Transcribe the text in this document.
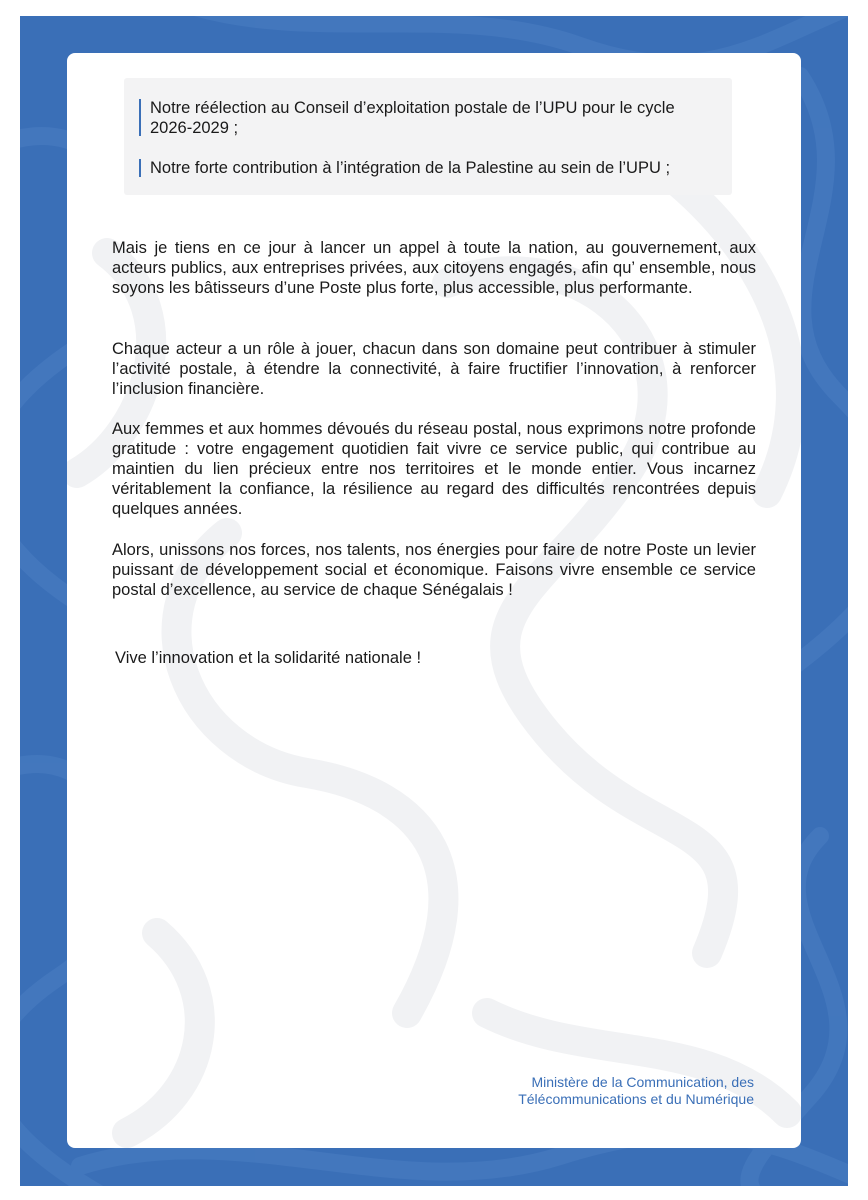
Notre réélection au Conseil d’exploitation postale de l’UPU pour le cycle 2026-2029 ;
Notre forte contribution à l’intégration de la Palestine au sein de l’UPU ;

Mais je tiens en ce jour à lancer un appel à toute la nation, au gouvernement, aux acteurs publics, aux entreprises privées, aux citoyens engagés, afin qu’ ensemble, nous soyons les bâtisseurs d’une Poste plus forte, plus accessible, plus performante.

Chaque acteur a un rôle à jouer, chacun dans son domaine peut contribuer à stimuler l’activité postale, à étendre la connectivité, à faire fructifier l’innovation, à renforcer l’inclusion financière.

Aux femmes et aux hommes dévoués du réseau postal, nous exprimons notre profonde gratitude : votre engagement quotidien fait vivre ce service public, qui contribue au maintien du lien précieux entre nos territoires et le monde entier. Vous incarnez véritablement la confiance, la résilience au regard des difficultés rencontrées depuis quelques années.

Alors, unissons nos forces, nos talents, nos énergies pour faire de notre Poste un levier puissant de développement social et économique. Faisons vivre ensemble ce service postal d’excellence, au service de chaque Sénégalais !

Vive l’innovation et la solidarité nationale !
Ministère de la Communication, des
Télécommunications et du Numérique
